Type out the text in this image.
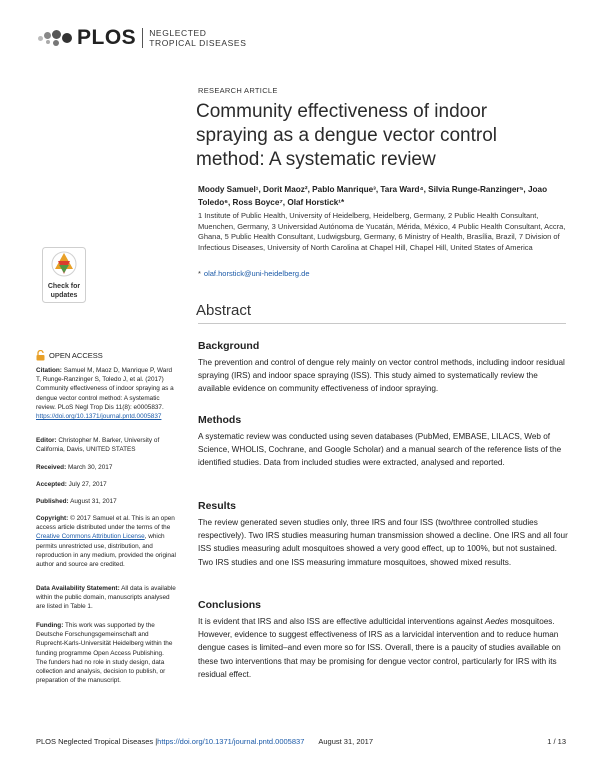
PLOS NEGLECTED
TROPICAL DISEASES
RESEARCH ARTICLE
Community effectiveness of indoor spraying as a dengue vector control method: A systematic review
Moody Samuel¹, Dorit Maoz², Pablo Manrique³, Tara Ward⁴, Silvia Runge-Ranzinger⁵, Joao Toledo⁶, Ross Boyce⁷, Olaf Horstick¹*
1 Institute of Public Health, University of Heidelberg, Heidelberg, Germany, 2 Public Health Consultant, Muenchen, Germany, 3 Universidad Autónoma de Yucatán, Mérida, México, 4 Public Health Consultant, Accra, Ghana, 5 Public Health Consultant, Ludwigsburg, Germany, 6 Ministry of Health, Brasília, Brazil, 7 Division of Infectious Diseases, University of North Carolina at Chapel Hill, Chapel Hill, United States of America
* olaf.horstick@uni-heidelberg.de
Abstract
Background

The prevention and control of dengue rely mainly on vector control methods, including indoor residual spraying (IRS) and indoor space spraying (ISS). This study aimed to systematically review the available evidence on community effectiveness of indoor spraying.

Methods

A systematic review was conducted using seven databases (PubMed, EMBASE, LILACS, Web of Science, WHOLIS, Cochrane, and Google Scholar) and a manual search of the reference lists of the identified studies. Data from included studies were extracted, analysed and reported.

Results

The review generated seven studies only, three IRS and four ISS (two/three controlled studies respectively). Two IRS studies measuring human transmission showed a decline. One IRS and all four ISS studies measuring adult mosquitoes showed a very good effect, up to 100%, but not sustained. Two IRS studies and one ISS measuring immature mosquitoes, showed mixed results.

Conclusions

It is evident that IRS and also ISS are effective adulticidal interventions against Aedes mosquitoes. However, evidence to suggest effectiveness of IRS as a larvicidal intervention and to reduce human dengue cases is limited–and even more so for ISS. Overall, there is a paucity of studies available on these two interventions that may be promising for dengue vector control, particularly for IRS with its residual effect.

Check for
updates
OPEN ACCESS
Citation: Samuel M, Maoz D, Manrique P, Ward T, Runge-Ranzinger S, Toledo J, et al. (2017) Community effectiveness of indoor spraying as a dengue vector control method: A systematic review. PLoS Negl Trop Dis 11(8): e0005837. https://doi.org/10.1371/journal.pntd.0005837
Editor: Christopher M. Barker, University of California, Davis, UNITED STATES
Received: March 30, 2017
Accepted: July 27, 2017
Published: August 31, 2017
Copyright: © 2017 Samuel et al. This is an open access article distributed under the terms of the Creative Commons Attribution License, which permits unrestricted use, distribution, and reproduction in any medium, provided the original author and source are credited.
Data Availability Statement: All data is available within the public domain, manuscripts analysed are listed in Table 1.
Funding: This work was supported by the Deutsche Forschungsgemeinschaft and Ruprecht-Karls-Universität Heidelberg within the funding programme Open Access Publishing. The funders had no role in study design, data collection and analysis, decision to publish, or preparation of the manuscript.
PLOS Neglected Tropical Diseases | https://doi.org/10.1371/journal.pntd.0005837 August 31, 2017	1 / 13
